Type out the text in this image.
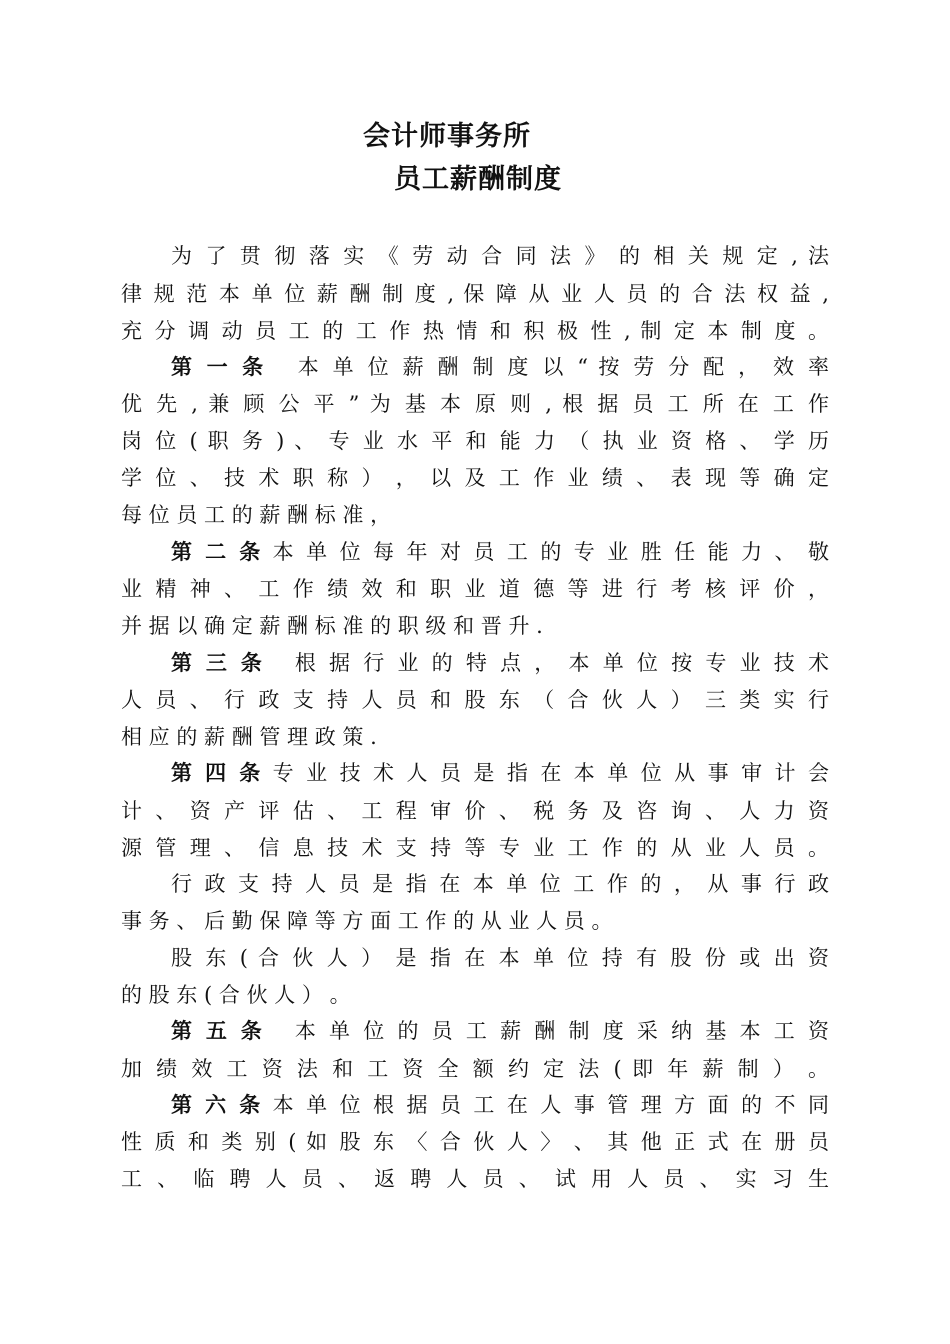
会计师事务所
员工薪酬制度
为 了 贯 彻 落 实 《 劳 动 合 同 法 》 的 相 关 规 定 , 法
律 规 范 本 单 位 薪 酬 制 度 , 保 障 从 业 人 员 的 合 法 权 益 ,
充 分 调 动 员 工 的 工 作 热 情 和 积 极 性 , 制 定 本 制 度 。
第 一 条 本 单 位 薪 酬 制 度 以 “ 按 劳 分 配 ， 效 率
优 先 , 兼 顾 公 平 ” 为 基 本 原 则 , 根 据 员 工 所 在 工 作
岗 位 ( 职 务 ) 、 专 业 水 平 和 能 力 （ 执 业 资 格 、 学 历
学 位 、 技 术 职 称 ） ， 以 及 工 作 业 绩 、 表 现 等 确 定
每 位 员 工 的 薪 酬 标 准 ，
第 二 条 本 单 位 每 年 对 员 工 的 专 业 胜 任 能 力 、 敬
业 精 神 、 工 作 绩 效 和 职 业 道 德 等 进 行 考 核 评 价 ，
并 据 以 确 定 薪 酬 标 准 的 职 级 和 晋 升 .
第 三 条 根 据 行 业 的 特 点 ， 本 单 位 按 专 业 技 术
人 员 、 行 政 支 持 人 员 和 股 东 （ 合 伙 人 ） 三 类 实 行
相 应 的 薪 酬 管 理 政 策 .
第 四 条 专 业 技 术 人 员 是 指 在 本 单 位 从 事 审 计 会
计 、 资 产 评 估 、 工 程 审 价 、 税 务 及 咨 询 、 人 力 资
源 管 理 、 信 息 技 术 支 持 等 专 业 工 作 的 从 业 人 员 。
行 政 支 持 人 员 是 指 在 本 单 位 工 作 的 ， 从 事 行 政
事 务 、 后 勤 保 障 等 方 面 工 作 的 从 业 人 员 。
股 东 ( 合 伙 人 ） 是 指 在 本 单 位 持 有 股 份 或 出 资
的 股 东 ( 合 伙 人 ） 。
第 五 条 本 单 位 的 员 工 薪 酬 制 度 采 纳 基 本 工 资
加 绩 效 工 资 法 和 工 资 全 额 约 定 法 ( 即 年 薪 制 ） 。
第 六 条 本 单 位 根 据 员 工 在 人 事 管 理 方 面 的 不 同
性 质 和 类 别 ( 如 股 东 〈 合 伙 人 〉 、 其 他 正 式 在 册 员
工 、 临 聘 人 员 、 返 聘 人 员 、 试 用 人 员 、 实 习 生
